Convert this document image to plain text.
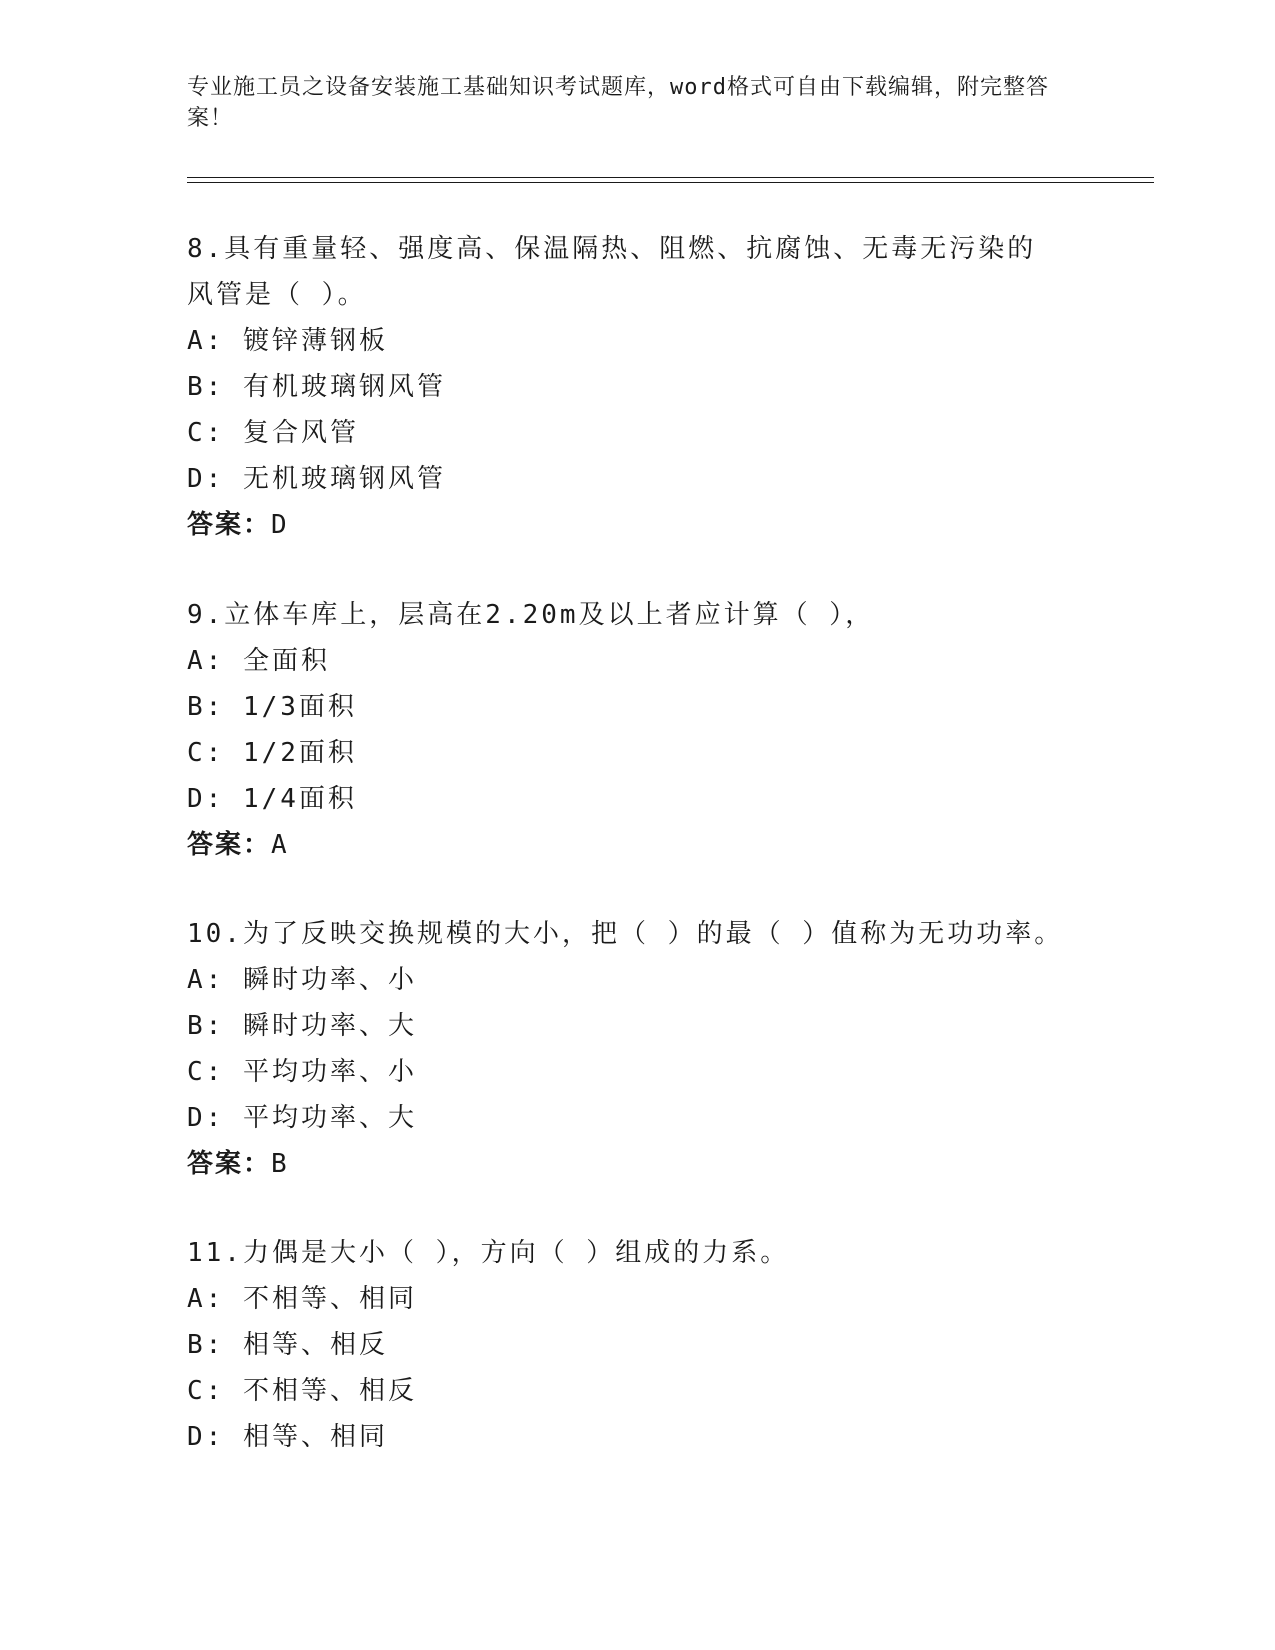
专业施工员之设备安装施工基础知识考试题库，word格式可自由下载编辑，附完整答案！

8.具有重量轻、强度高、保温隔热、阻燃、抗腐蚀、无毒无污染的风管是（ ）。

A: 镀锌薄钢板

B: 有机玻璃钢风管

C: 复合风管

D: 无机玻璃钢风管

答案：D

9.立体车库上，层高在2.20m及以上者应计算（ ），

A: 全面积

B: 1/3面积

C: 1/2面积

D: 1/4面积

答案：A

10.为了反映交换规模的大小，把（ ）的最（ ）值称为无功功率。

A: 瞬时功率、小

B: 瞬时功率、大

C: 平均功率、小

D: 平均功率、大

答案：B

11.力偶是大小（ ），方向（ ）组成的力系。

A: 不相等、相同

B: 相等、相反

C: 不相等、相反

D: 相等、相同
